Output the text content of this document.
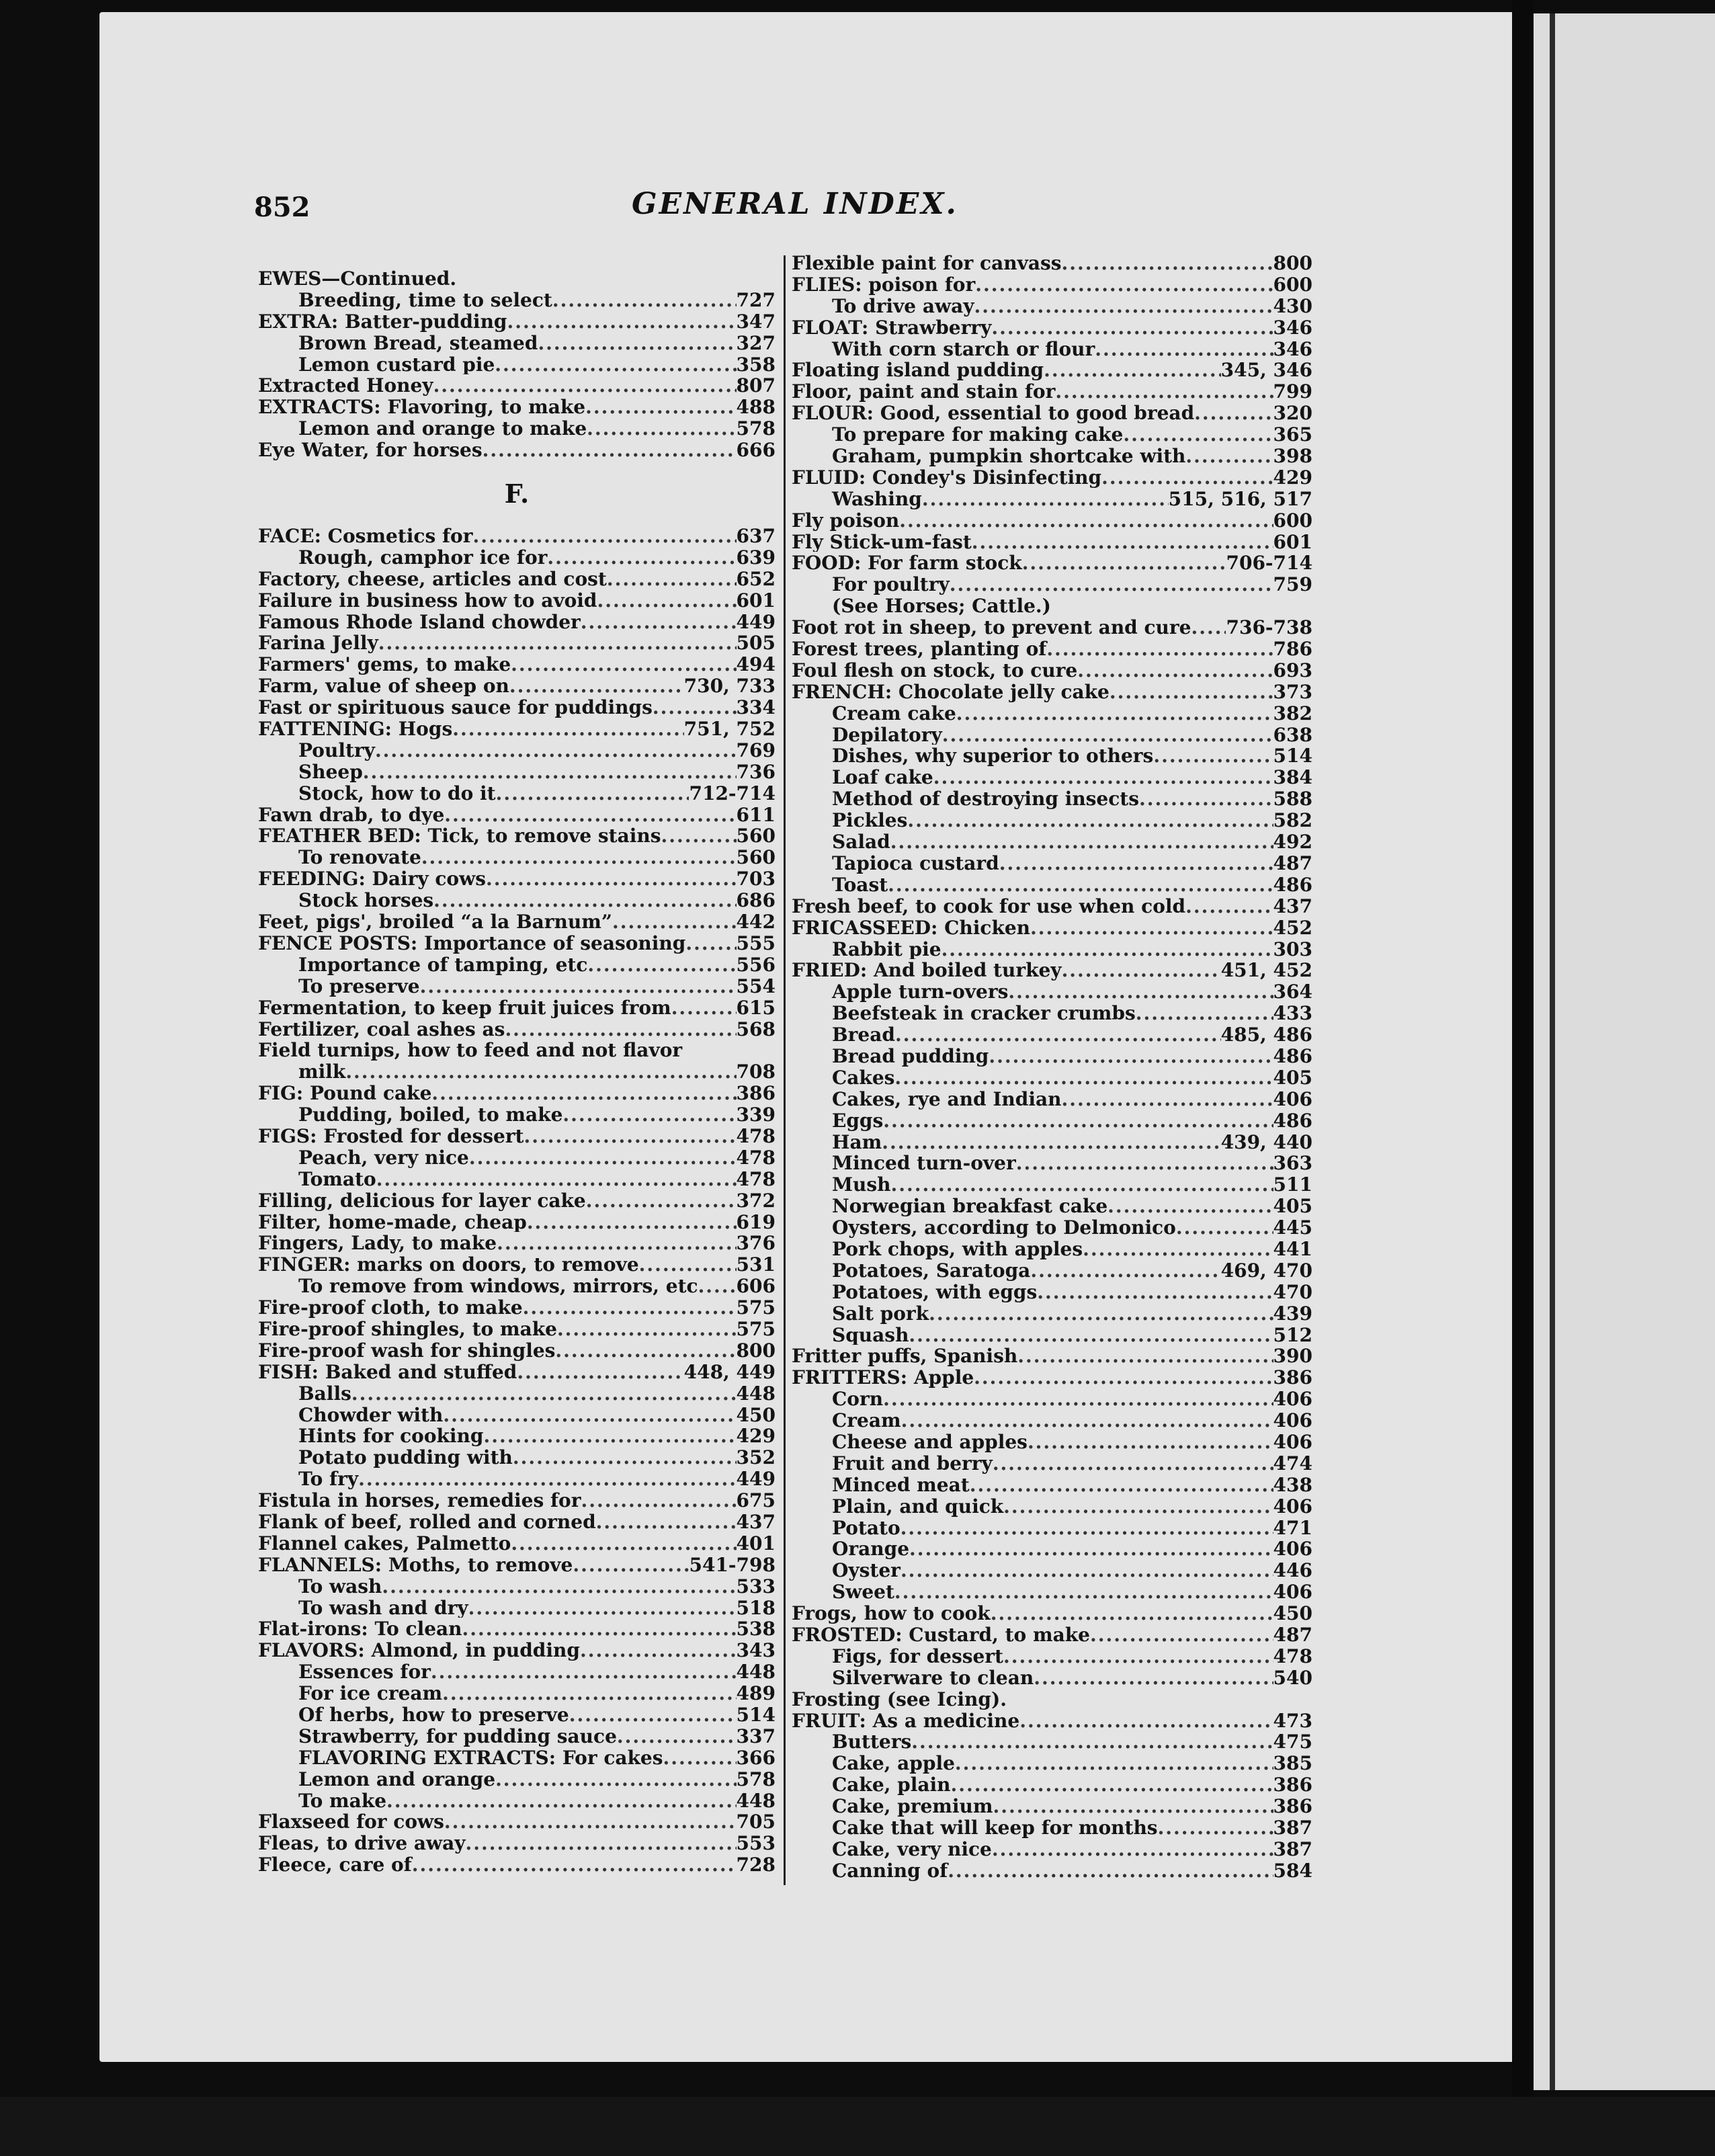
852	GENERAL INDEX.
EWES—Continued.
Breeding, time to select .....	727
EXTRA: Batter-pudding .....	347
Brown Bread, steamed .....	327
Lemon custard pie .....	358
Extracted Honey .....	807
EXTRACTS: Flavoring, to make .....	488
Lemon and orange to make .....	578
Eye Water, for horses .....	666
F.
FACE: Cosmetics for .....	637
Rough, camphor ice for .....	639
Factory, cheese, articles and cost .....	652
Failure in business how to avoid .....	601
Famous Rhode Island chowder .....	449
Farina Jelly .....	505
Farmers' gems, to make .....	494
Farm, value of sheep on .....	730, 733
Fast or spirituous sauce for puddings .....	334
FATTENING: Hogs .....	751, 752
Poultry .....	769
Sheep .....	736
Stock, how to do it .....	712-714
Fawn drab, to dye .....	611
FEATHER BED: Tick, to remove stains .....	560
To renovate .....	560
FEEDING: Dairy cows .....	703
Stock horses .....	686
Feet, pigs', broiled “a la Barnum” .....	442
FENCE POSTS: Importance of seasoning .....	555
Importance of tamping, etc .....	556
To preserve .....	554
Fermentation, to keep fruit juices from .....	615
Fertilizer, coal ashes as .....	568
Field turnips, how to feed and not flavor
milk .....	708
FIG: Pound cake .....	386
Pudding, boiled, to make .....	339
FIGS: Frosted for dessert .....	478
Peach, very nice .....	478
Tomato .....	478
Filling, delicious for layer cake .....	372
Filter, home-made, cheap .....	619
Fingers, Lady, to make .....	376
FINGER: marks on doors, to remove .....	531
To remove from windows, mirrors, etc ..... 606
Fire-proof cloth, to make .....	575
Fire-proof shingles, to make .....	575
Fire-proof wash for shingles .....	800
FISH: Baked and stuffed .....	448, 449
Balls .....	448
Chowder with .....	450
Hints for cooking .....	429
Potato pudding with .....	352
To fry .....	449
Fistula in horses, remedies for .....	675
Flank of beef, rolled and corned .....	437
Flannel cakes, Palmetto .....	401
FLANNELS: Moths, to remove .....	541-798
To wash .....	533
To wash and dry .....	518
Flat-irons: To clean .....	538
FLAVORS: Almond, in pudding .....	343
Essences for .....	448
For ice cream .....	489
Of herbs, how to preserve .....	514
Strawberry, for pudding sauce .....	337
FLAVORING EXTRACTS: For cakes .....	366
Lemon and orange .....	578
To make .....	448
Flaxseed for cows .....	705
Fleas, to drive away .....	553
Fleece, care of .....	728
Flexible paint for canvass .....	800
FLIES: poison for .....	600
To drive away .....	430
FLOAT: Strawberry .....	346
With corn starch or flour .....	346
Floating island pudding .....	345, 346
Floor, paint and stain for .....	799
FLOUR: Good, essential to good bread .....	320
To prepare for making cake .....	365
Graham, pumpkin shortcake with .....	398
FLUID: Condey's Disinfecting .....	429
Washing .....	515, 516, 517
Fly poison .....	600
Fly Stick-um-fast .....	601
FOOD: For farm stock .....	706-714
For poultry .....	759
(See Horses; Cattle.)
Foot rot in sheep, to prevent and cure ..... 736-738
Forest trees, planting of .....	786
Foul flesh on stock, to cure .....	693
FRENCH: Chocolate jelly cake .....	373
Cream cake .....	382
Depilatory .....	638
Dishes, why superior to others .....	514
Loaf cake .....	384
Method of destroying insects .....	588
Pickles .....	582
Salad .....	492
Tapioca custard .....	487
Toast .....	486
Fresh beef, to cook for use when cold .....	437
FRICASSEED: Chicken .....	452
Rabbit pie .....	303
FRIED: And boiled turkey .....	451, 452
Apple turn-overs .....	364
Beefsteak in cracker crumbs .....	433
Bread .....	485, 486
Bread pudding .....	486
Cakes .....	405
Cakes, rye and Indian .....	406
Eggs .....	486
Ham .....	439, 440
Minced turn-over .....	363
Mush .....	511
Norwegian breakfast cake .....	405
Oysters, according to Delmonico .....	445
Pork chops, with apples .....	441
Potatoes, Saratoga .....	469, 470
Potatoes, with eggs .....	470
Salt pork .....	439
Squash .....	512
Fritter puffs, Spanish .....	390
FRITTERS: Apple .....	386
Corn .....	406
Cream .....	406
Cheese and apples .....	406
Fruit and berry .....	474
Minced meat .....	438
Plain, and quick .....	406
Potato .....	471
Orange .....	406
Oyster .....	446
Sweet .....	406
Frogs, how to cook .....	450
FROSTED: Custard, to make .....	487
Figs, for dessert .....	478
Silverware to clean .....	540
Frosting (see Icing).
FRUIT: As a medicine .....	473
Butters .....	475
Cake, apple .....	385
Cake, plain .....	386
Cake, premium .....	386
Cake that will keep for months .....	387
Cake, very nice .....	387
Canning of .....	584
